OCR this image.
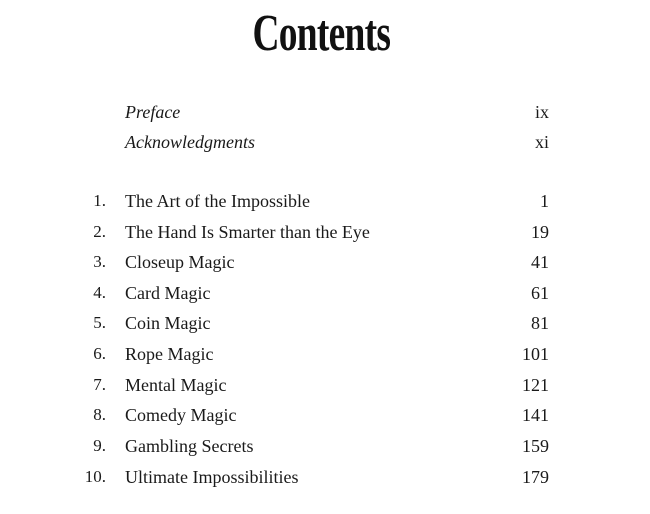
Contents
Preface	ix
Acknowledgments	xi
1. The Art of the Impossible	1
2. The Hand Is Smarter than the Eye	19
3. Closeup Magic	41
4. Card Magic	61
5. Coin Magic	81
6. Rope Magic	101
7. Mental Magic	121
8. Comedy Magic	141
9. Gambling Secrets	159
10. Ultimate Impossibilities	179
